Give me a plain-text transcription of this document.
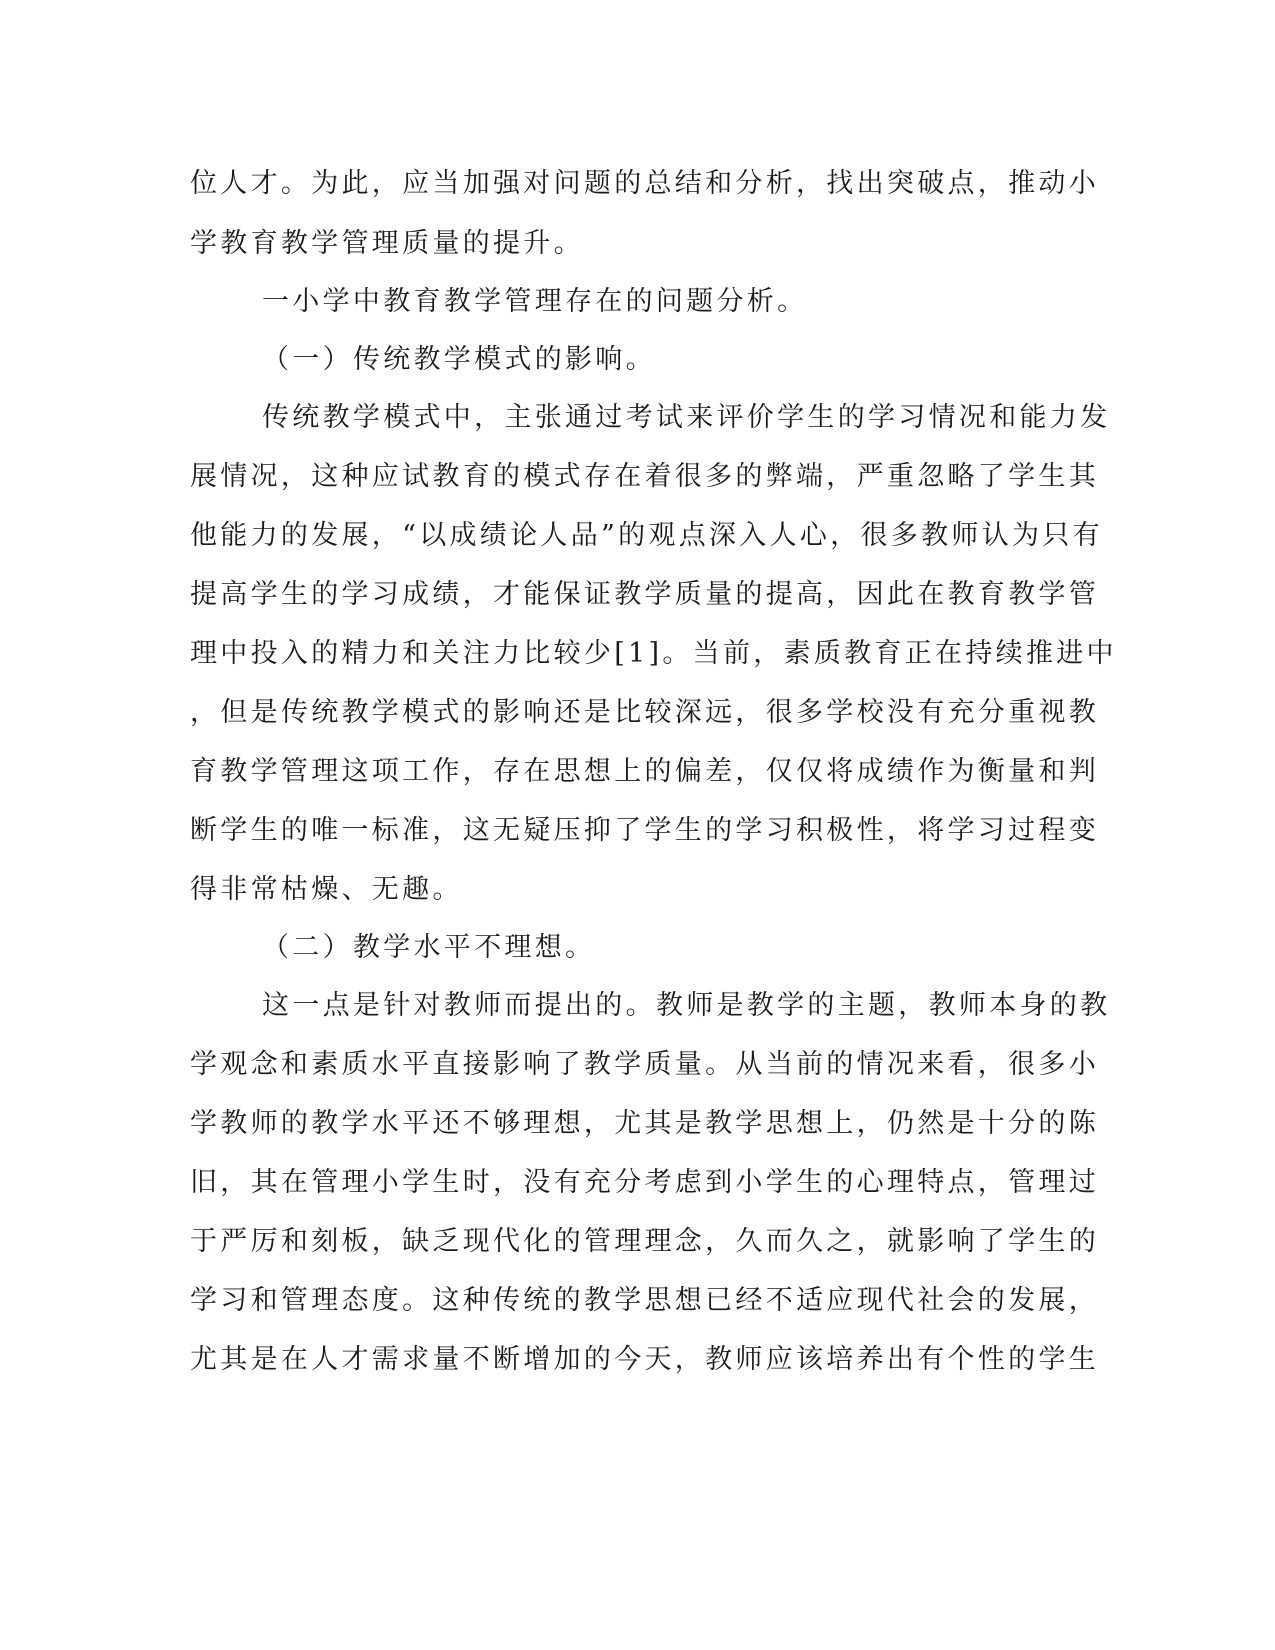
位人才。为此，应当加强对问题的总结和分析，找出突破点，推动小
学教育教学管理质量的提升。
一小学中教育教学管理存在的问题分析。
（一）传统教学模式的影响。
传统教学模式中，主张通过考试来评价学生的学习情况和能力发
展情况，这种应试教育的模式存在着很多的弊端，严重忽略了学生其
他能力的发展，“以成绩论人品”的观点深入人心，很多教师认为只有
提高学生的学习成绩，才能保证教学质量的提高，因此在教育教学管
理中投入的精力和关注力比较少[1]。当前，素质教育正在持续推进中
，但是传统教学模式的影响还是比较深远，很多学校没有充分重视教
育教学管理这项工作，存在思想上的偏差，仅仅将成绩作为衡量和判
断学生的唯一标准，这无疑压抑了学生的学习积极性，将学习过程变
得非常枯燥、无趣。
（二）教学水平不理想。
这一点是针对教师而提出的。教师是教学的主题，教师本身的教
学观念和素质水平直接影响了教学质量。从当前的情况来看，很多小
学教师的教学水平还不够理想，尤其是教学思想上，仍然是十分的陈
旧，其在管理小学生时，没有充分考虑到小学生的心理特点，管理过
于严厉和刻板，缺乏现代化的管理理念，久而久之，就影响了学生的
学习和管理态度。这种传统的教学思想已经不适应现代社会的发展，
尤其是在人才需求量不断增加的今天，教师应该培养出有个性的学生
